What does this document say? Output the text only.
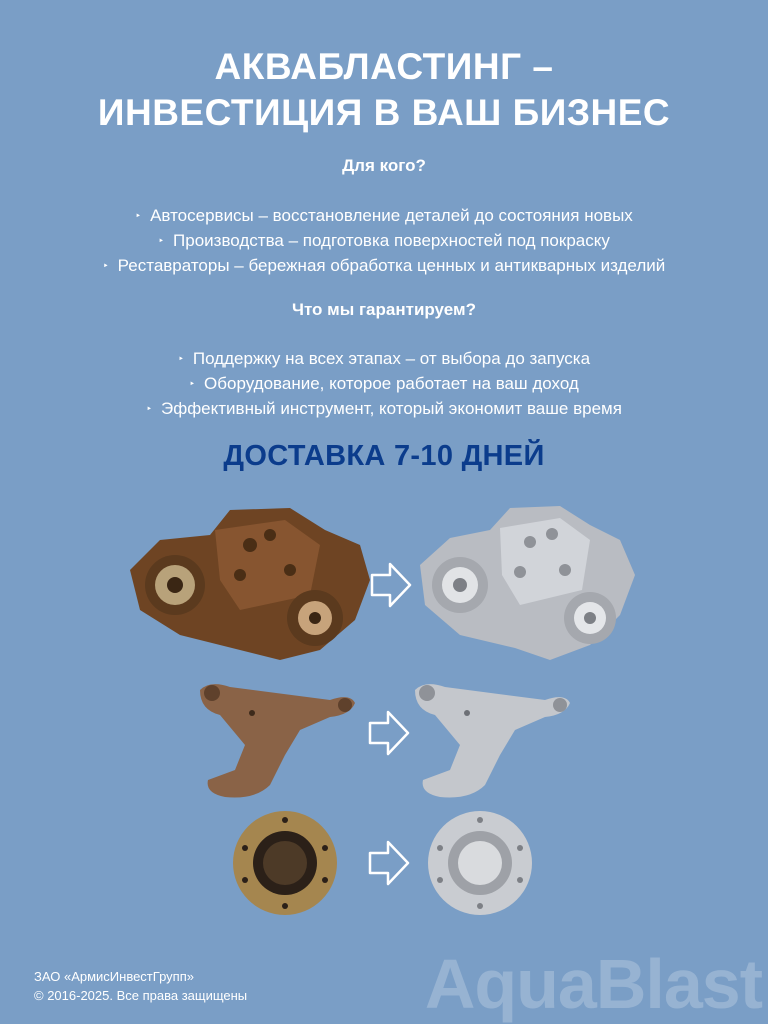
АКВАБЛАСТИНГ –
ИНВЕСТИЦИЯ В ВАШ БИЗНЕС
Для кого?
‣ Автосервисы – восстановление деталей до состояния новых
‣ Производства – подготовка поверхностей под покраску
‣ Реставраторы – бережная обработка ценных и антикварных изделий
Что мы гарантируем?
‣ Поддержку на всех этапах – от выбора до запуска
‣ Оборудование, которое работает на ваш доход
‣ Эффективный инструмент, который экономит ваше время
ДОСТАВКА 7-10 ДНЕЙ
ЗАО «АрмисИнвестГрупп»
© 2016-2025. Все права защищены	AquaBlast
